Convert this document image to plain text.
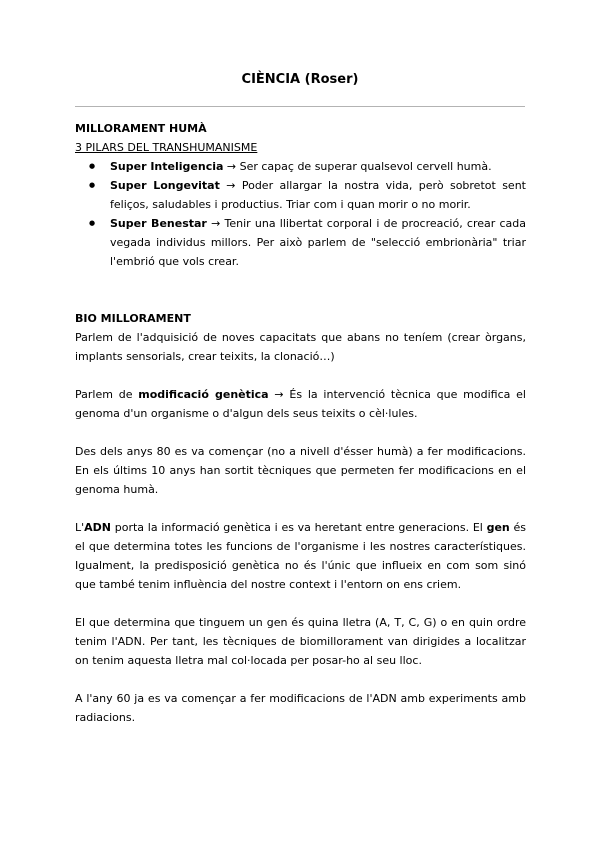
CIÈNCIA (Roser)
MILLORAMENT HUMÀ
3 PILARS DEL TRANSHUMANISME
● Super Inteligencia → Ser capaç de superar qualsevol cervell humà.
● Super Longevitat → Poder allargar la nostra vida, però sobretot sent feliços, saludables i productius. Triar com i quan morir o no morir.
● Super Benestar → Tenir una llibertat corporal i de procreació, crear cada vegada individus millors. Per això parlem de "selecció embrionària" triar l'embrió que vols crear.
BIO MILLORAMENT

Parlem de l'adquisició de noves capacitats que abans no teníem (crear òrgans, implants sensorials, crear teixits, la clonació…)

Parlem de modificació genètica → És la intervenció tècnica que modifica el genoma d'un organisme o d'algun dels seus teixits o cèl·lules.

Des dels anys 80 es va començar (no a nivell d'ésser humà) a fer modificacions. En els últims 10 anys han sortit tècniques que permeten fer modificacions en el genoma humà.

L'ADN porta la informació genètica i es va heretant entre generacions. El gen és el que determina totes les funcions de l'organisme i les nostres característiques. Igualment, la predisposició genètica no és l'únic que influeix en com som sinó que també tenim influència del nostre context i l'entorn on ens criem.

El que determina que tinguem un gen és quina lletra (A, T, C, G) o en quin ordre tenim l'ADN. Per tant, les tècniques de biomillorament van dirigides a localitzar on tenim aquesta lletra mal col·locada per posar-ho al seu lloc.

A l'any 60 ja es va començar a fer modificacions de l'ADN amb experiments amb radiacions.
